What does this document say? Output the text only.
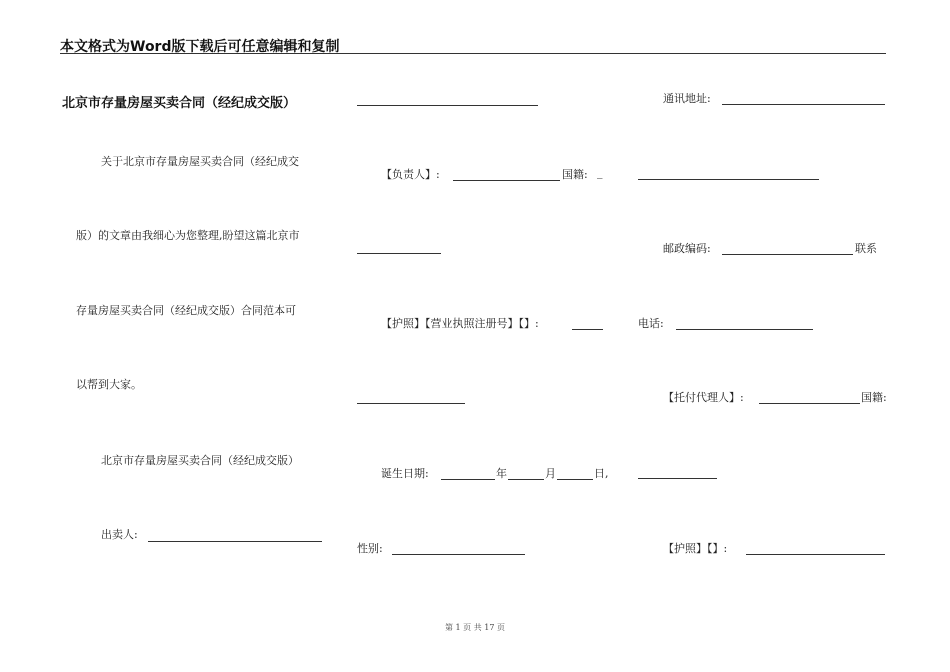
本文格式为Word版下载后可任意编辑和复制
北京市存量房屋买卖合同（经纪成交版）
关于北京市存量房屋买卖合同（经纪成交
版）的文章由我细心为您整理,盼望这篇北京市
存量房屋买卖合同（经纪成交版）合同范本可
以帮到大家。
北京市存量房屋买卖合同（经纪成交版）
出卖人:
【负责人】:	国籍: _
【护照】【营业执照注册号】【】:
诞生日期:	年	月	日,
性别:
通讯地址:
邮政编码:	联系
电话:
【托付代理人】:	国籍:
【护照】【】:
第 1 页 共 17 页
